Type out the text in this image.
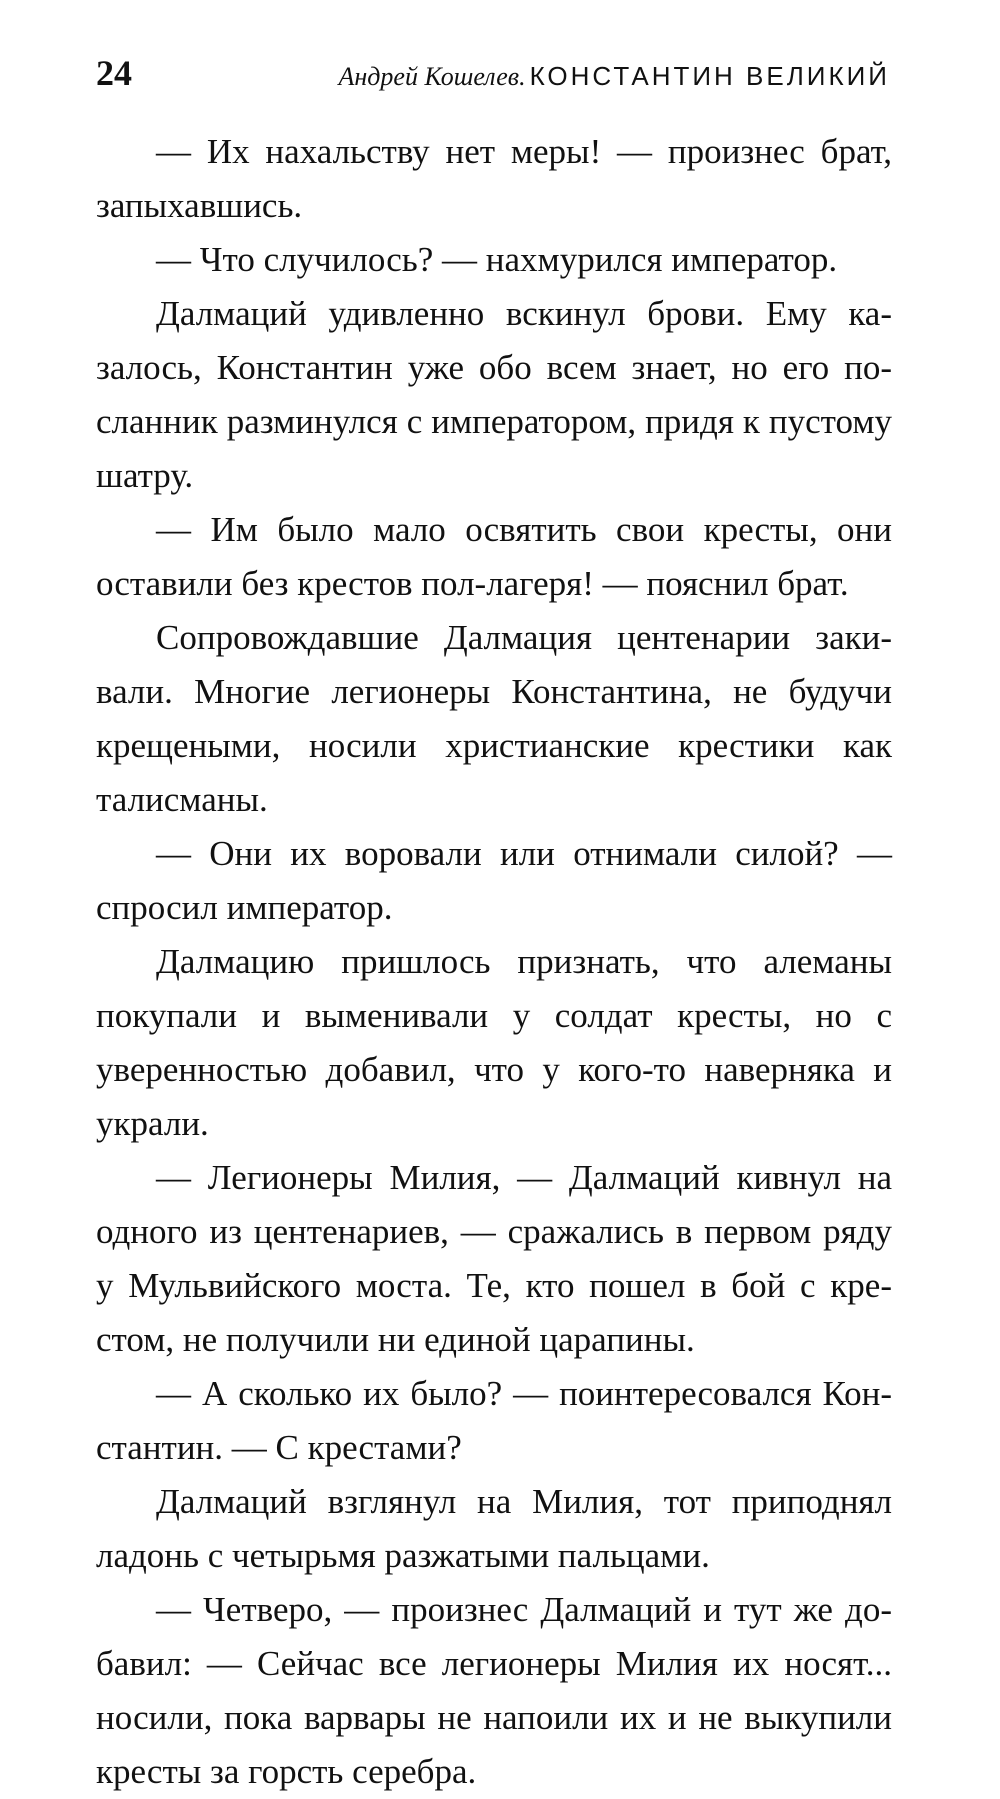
24	Андрей Кошелев. КОНСТАНТИН ВЕЛИКИЙ

— Их нахальству нет меры! — произнес брат, запыхавшись.

— Что случилось? — нахмурился император.

Далмаций удивленно вскинул брови. Ему казалось, Константин уже обо всем знает, но его посланник разминулся с императором, придя к пустому шатру.

— Им было мало освятить свои кресты, они оставили без крестов пол-лагеря! — пояснил брат.

Сопровождавшие Далмация центенарии закивали. Многие легионеры Константина, не будучи крещеными, носили христианские крестики как талисманы.

— Они их воровали или отнимали силой? — спросил император.

Далмацию пришлось признать, что алеманы покупали и выменивали у солдат кресты, но с уверенностью добавил, что у кого-то наверняка и украли.

— Легионеры Милия, — Далмаций кивнул на одного из центенариев, — сражались в первом ряду у Мульвийского моста. Те, кто пошел в бой с крестом, не получили ни единой царапины.

— А сколько их было? — поинтересовался Константин. — С крестами?

Далмаций взглянул на Милия, тот приподнял ладонь с четырьмя разжатыми пальцами.

— Четверо, — произнес Далмаций и тут же добавил: — Сейчас все легионеры Милия их носят... носили, пока варвары не напоили их и не выкупили кресты за горсть серебра.
